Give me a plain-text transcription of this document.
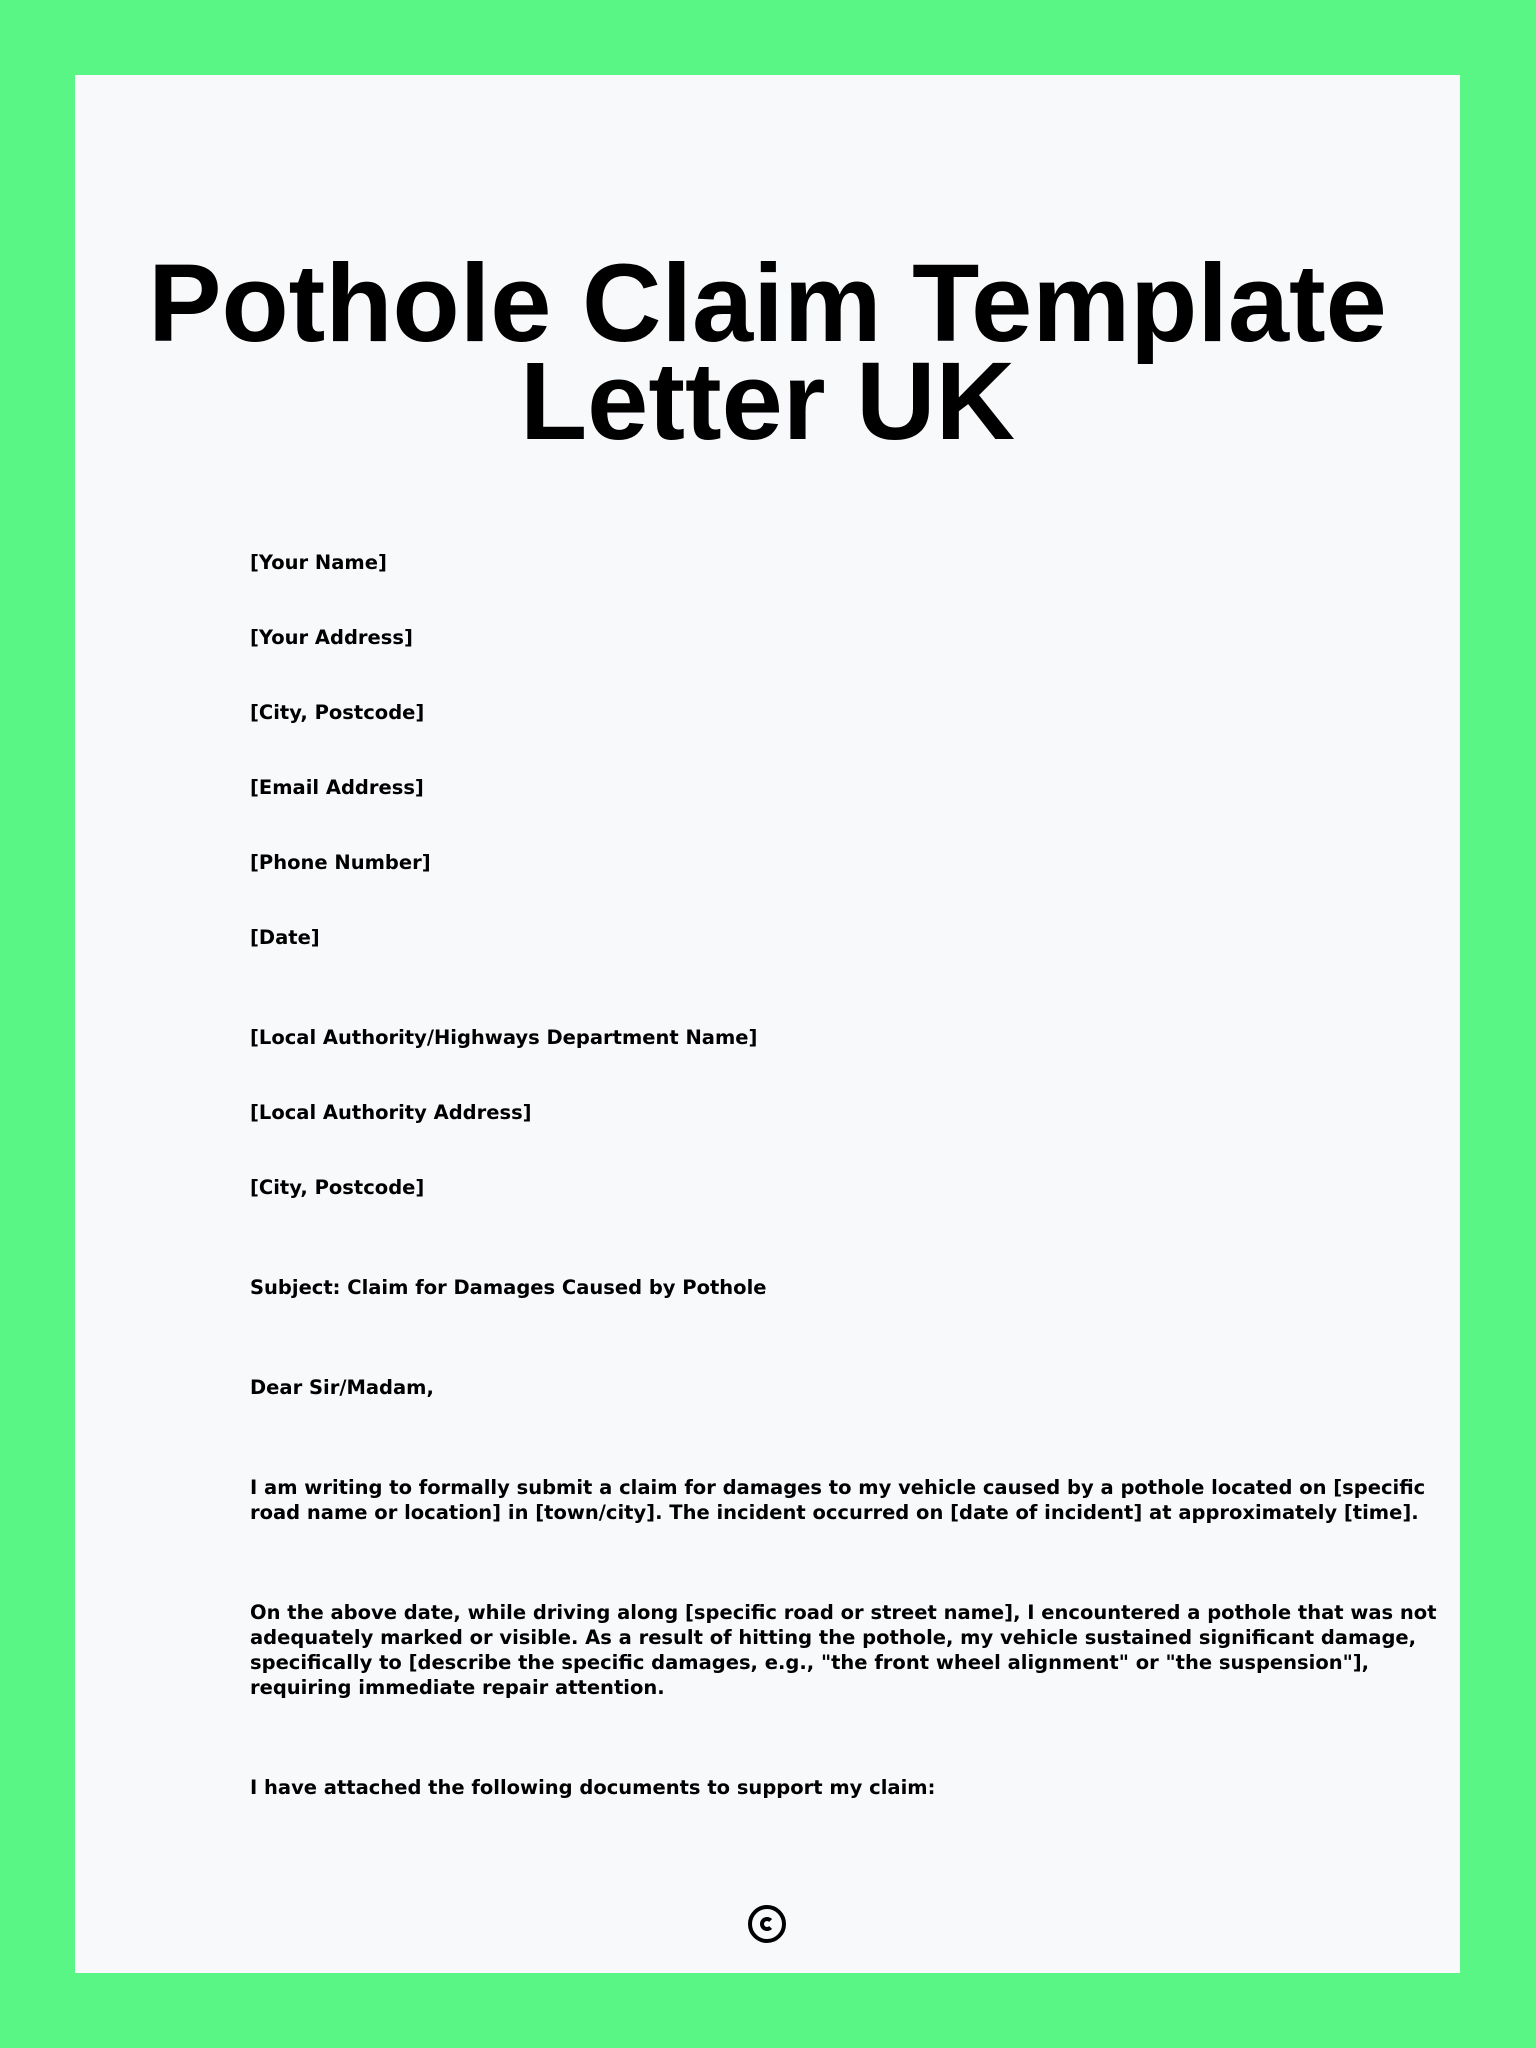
Pothole Claim Template
Letter UK

[Your Name]

[Your Address]

[City, Postcode]

[Email Address]

[Phone Number]

[Date]

[Local Authority/Highways Department Name]

[Local Authority Address]

[City, Postcode]

Subject: Claim for Damages Caused by Pothole

Dear Sir/Madam,

I am writing to formally submit a claim for damages to my vehicle caused by a pothole located on [specific
road name or location] in [town/city]. The incident occurred on [date of incident] at approximately [time].

On the above date, while driving along [specific road or street name], I encountered a pothole that was not
adequately marked or visible. As a result of hitting the pothole, my vehicle sustained significant damage,
specifically to [describe the specific damages, e.g., "the front wheel alignment" or "the suspension"],
requiring immediate repair attention.

I have attached the following documents to support my claim:
